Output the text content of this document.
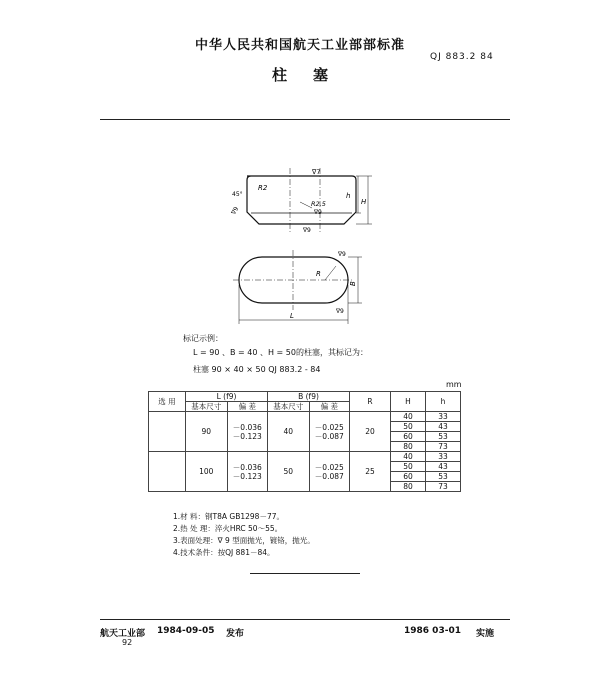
中华人民共和国航天工业部部标准
QJ 883.2 84
柱塞
∇7
R2
45°
∇9
R2.5
∇9
h
H
∇9
∇9
R
B
L
∇9
标记示例：
L = 90 、B = 40 、H = 50的柱塞，其标记为：
柱塞 90 × 40 × 50 QJ 883.2 - 84
mm
选 用	L (f9)		B (f9)		R	H	h
	基本尺寸	偏 差	基本尺寸	偏 差			
	90	－0.036
－0.123	40	－0.025
－0.087	20	40	33
						50	43
						60	53
						80	73
	100	－0.036
－0.123	50	－0.025
－0.087	25	40	33
						50	43
						60	53
						80	73
1.材 料：钢T8A GB1298－77。
2.热 处 理：淬火HRC 50～55。
3.表面处理：∇ 9 型面抛光，镀铬，抛光。
4.技术条件：按QJ 881－84。
航天工业部 1984-09-05 发布	1986 03-01 实施
92
